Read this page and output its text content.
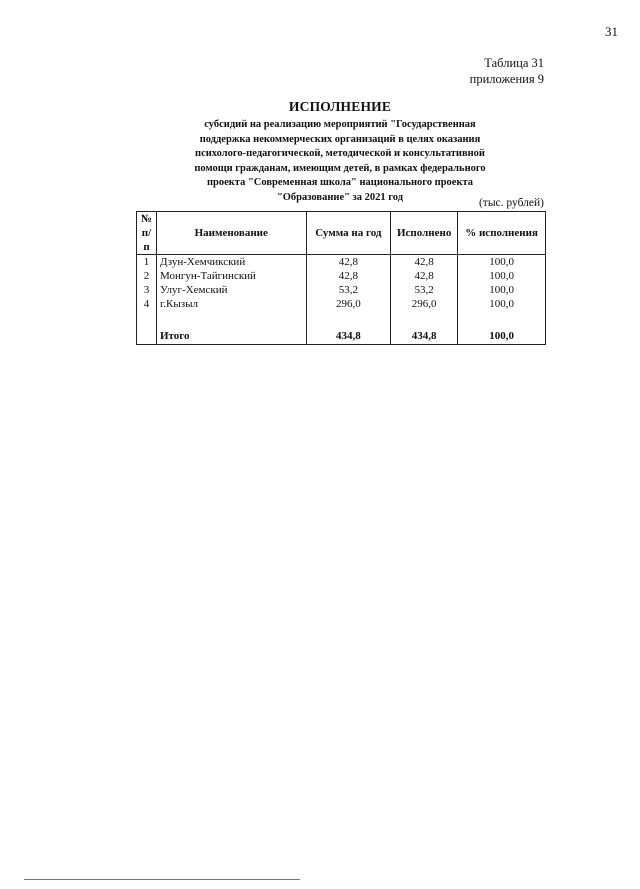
31
Таблица 31
приложения 9
ИСПОЛНЕНИЕ
субсидий на реализацию мероприятий "Государственная
поддержка некоммерческих организаций в целях оказания
психолого-педагогической, методической и консультативной
помощи гражданам, имеющим детей, в рамках федерального
проекта "Современная школа" национального проекта
"Образование" за 2021 год	(тыс. рублей)
№
п/п	Наименование	Сумма на год	Исполнено	% исполнения
1	Дзун-Хемчикский	42,8	42,8	100,0
2	Монгун-Тайгинский	42,8	42,8	100,0
3	Улуг-Хемский	53,2	53,2	100,0
4	г.Кызыл	296,0	296,0	100,0

	Итого	434,8	434,8	100,0
